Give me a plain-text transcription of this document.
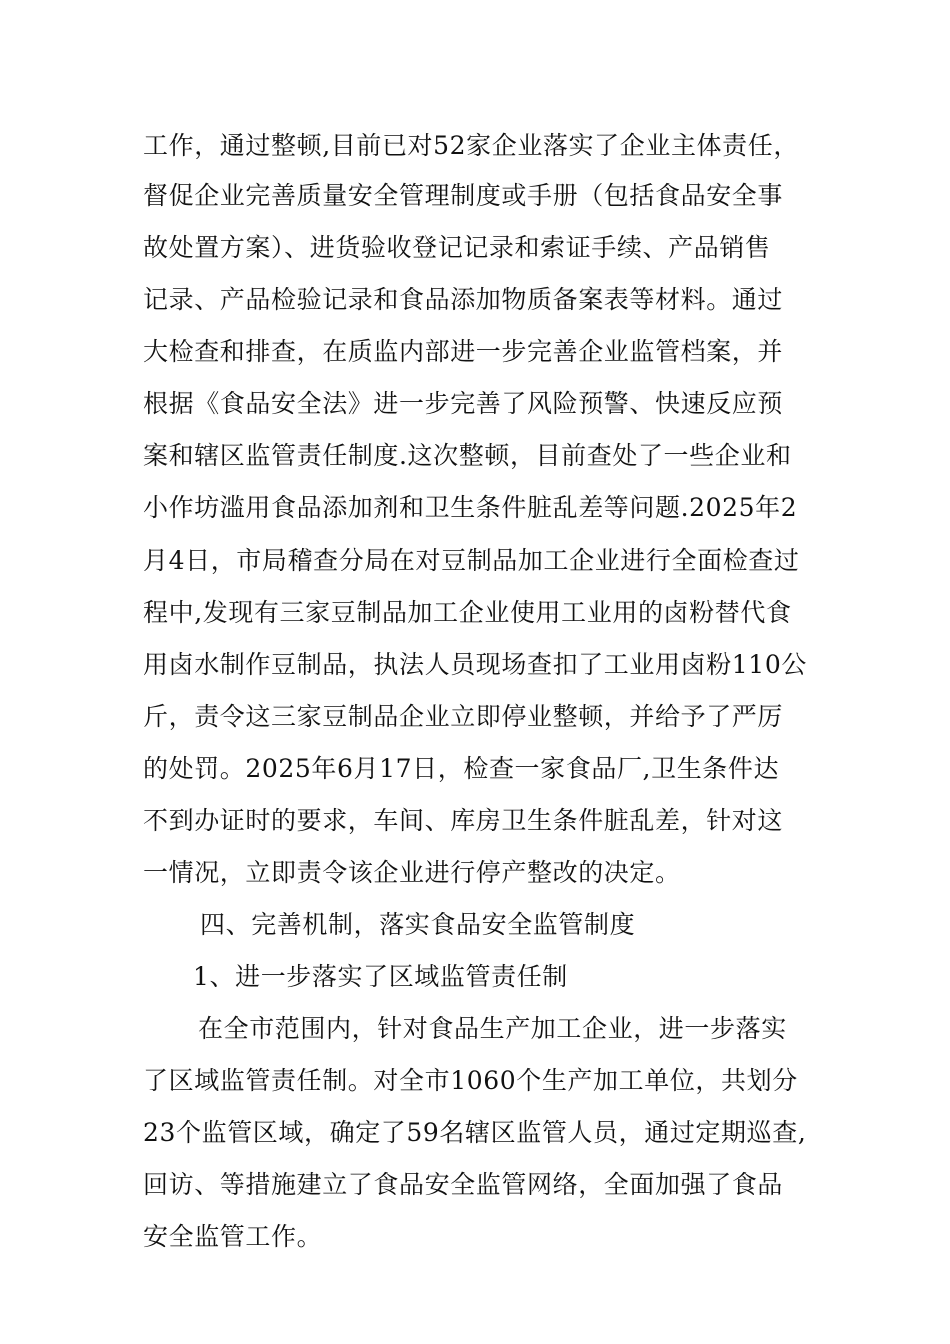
工作，通过整顿,目前已对52家企业落实了企业主体责任，
督促企业完善质量安全管理制度或手册（包括食品安全事
故处置方案）、进货验收登记记录和索证手续、产品销售
记录、产品检验记录和食品添加物质备案表等材料。通过
大检查和排查，在质监内部进一步完善企业监管档案，并
根据《食品安全法》进一步完善了风险预警、快速反应预
案和辖区监管责任制度.这次整顿，目前查处了一些企业和
小作坊滥用食品添加剂和卫生条件脏乱差等问题.2025年2
月4日，市局稽查分局在对豆制品加工企业进行全面检查过
程中,发现有三家豆制品加工企业使用工业用的卤粉替代食
用卤水制作豆制品，执法人员现场查扣了工业用卤粉110公
斤，责令这三家豆制品企业立即停业整顿，并给予了严厉
的处罚。2025年6月17日，检查一家食品厂,卫生条件达
不到办证时的要求，车间、库房卫生条件脏乱差，针对这
一情况，立即责令该企业进行停产整改的决定。
四、完善机制，落实食品安全监管制度
1、进一步落实了区域监管责任制
在全市范围内，针对食品生产加工企业，进一步落实
了区域监管责任制。对全市1060个生产加工单位，共划分
23个监管区域，确定了59名辖区监管人员，通过定期巡查,
回访、等措施建立了食品安全监管网络，全面加强了食品
安全监管工作。
